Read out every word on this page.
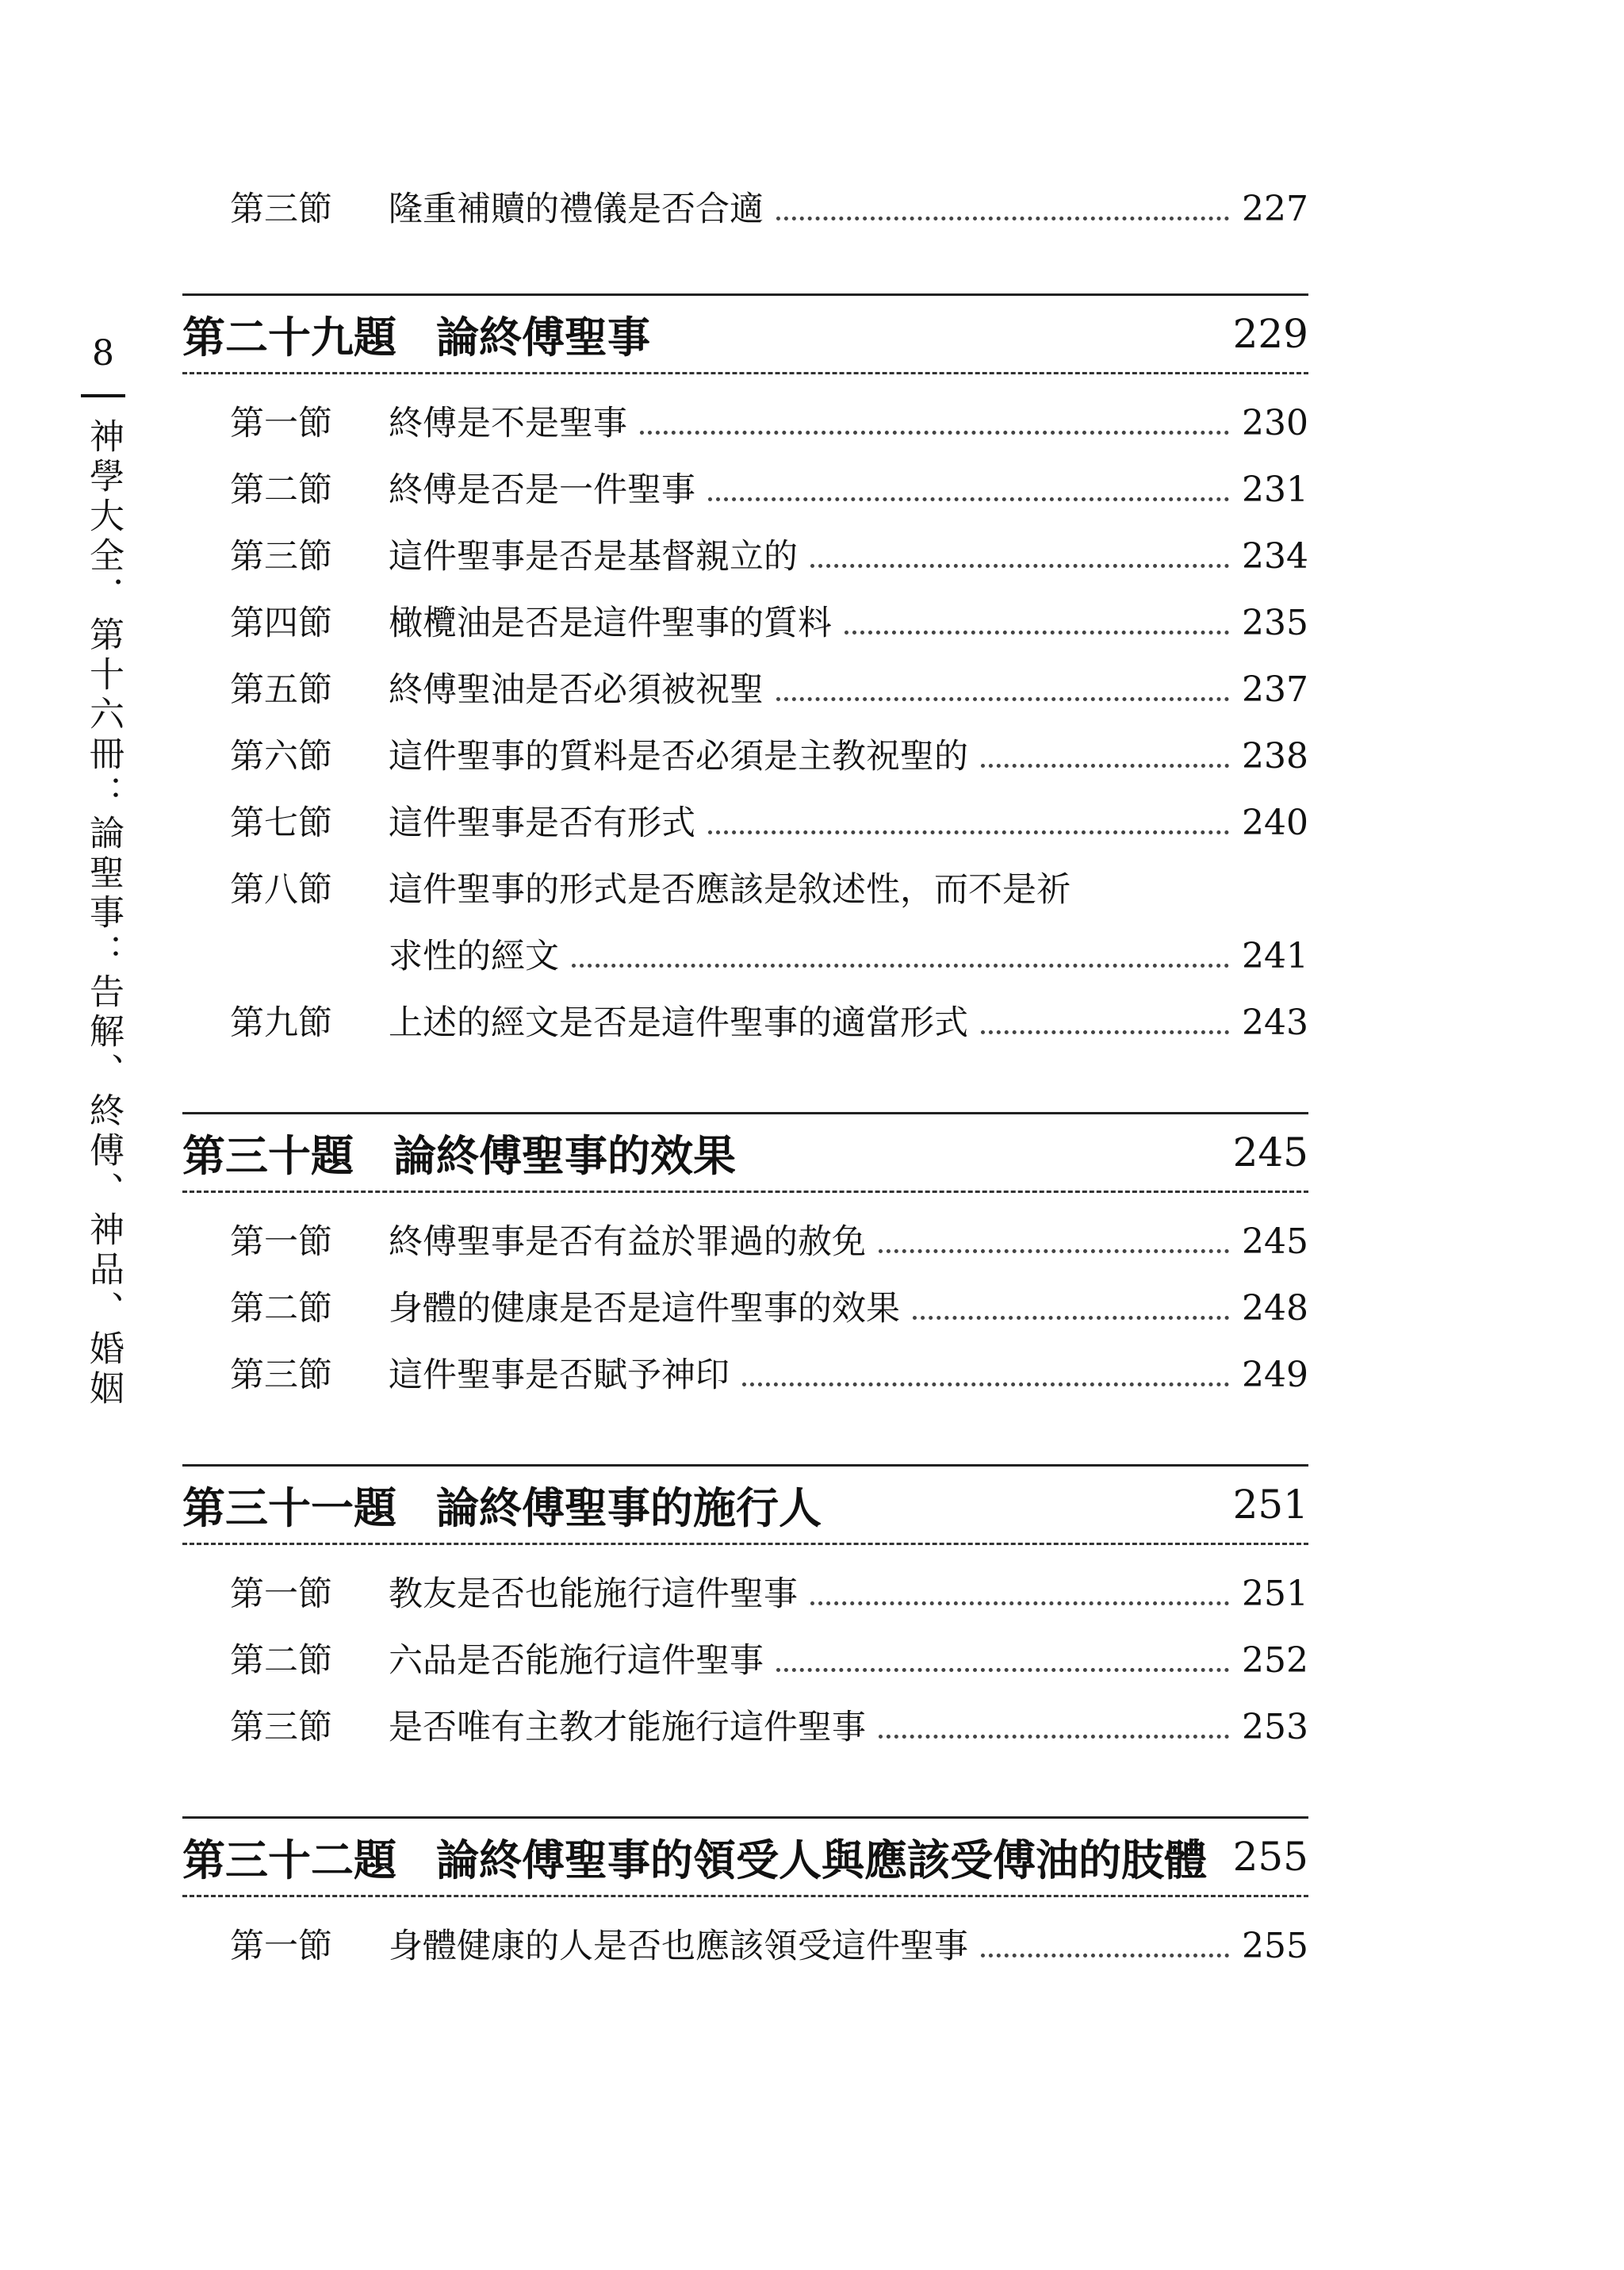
8
神學大全．第十六冊：論聖事：告解、終傅、神品、婚姻
第三節	隆重補贖的禮儀是否合適	227
第二十九題 論終傅聖事	229
第一節	終傅是不是聖事	230
第二節	終傅是否是一件聖事	231
第三節	這件聖事是否是基督親立的	234
第四節	橄欖油是否是這件聖事的質料	235
第五節	終傅聖油是否必須被祝聖	237
第六節	這件聖事的質料是否必須是主教祝聖的	238
第七節	這件聖事是否有形式	240
第八節	這件聖事的形式是否應該是敘述性，而不是祈
求性的經文	241
第九節	上述的經文是否是這件聖事的適當形式	243
第三十題 論終傅聖事的效果	245
第一節	終傅聖事是否有益於罪過的赦免	245
第二節	身體的健康是否是這件聖事的效果	248
第三節	這件聖事是否賦予神印	249
第三十一題 論終傅聖事的施行人	251
第一節	教友是否也能施行這件聖事	251
第二節	六品是否能施行這件聖事	252
第三節	是否唯有主教才能施行這件聖事	253
第三十二題 論終傅聖事的領受人與應該受傅油的肢體 255
第一節	身體健康的人是否也應該領受這件聖事	255
